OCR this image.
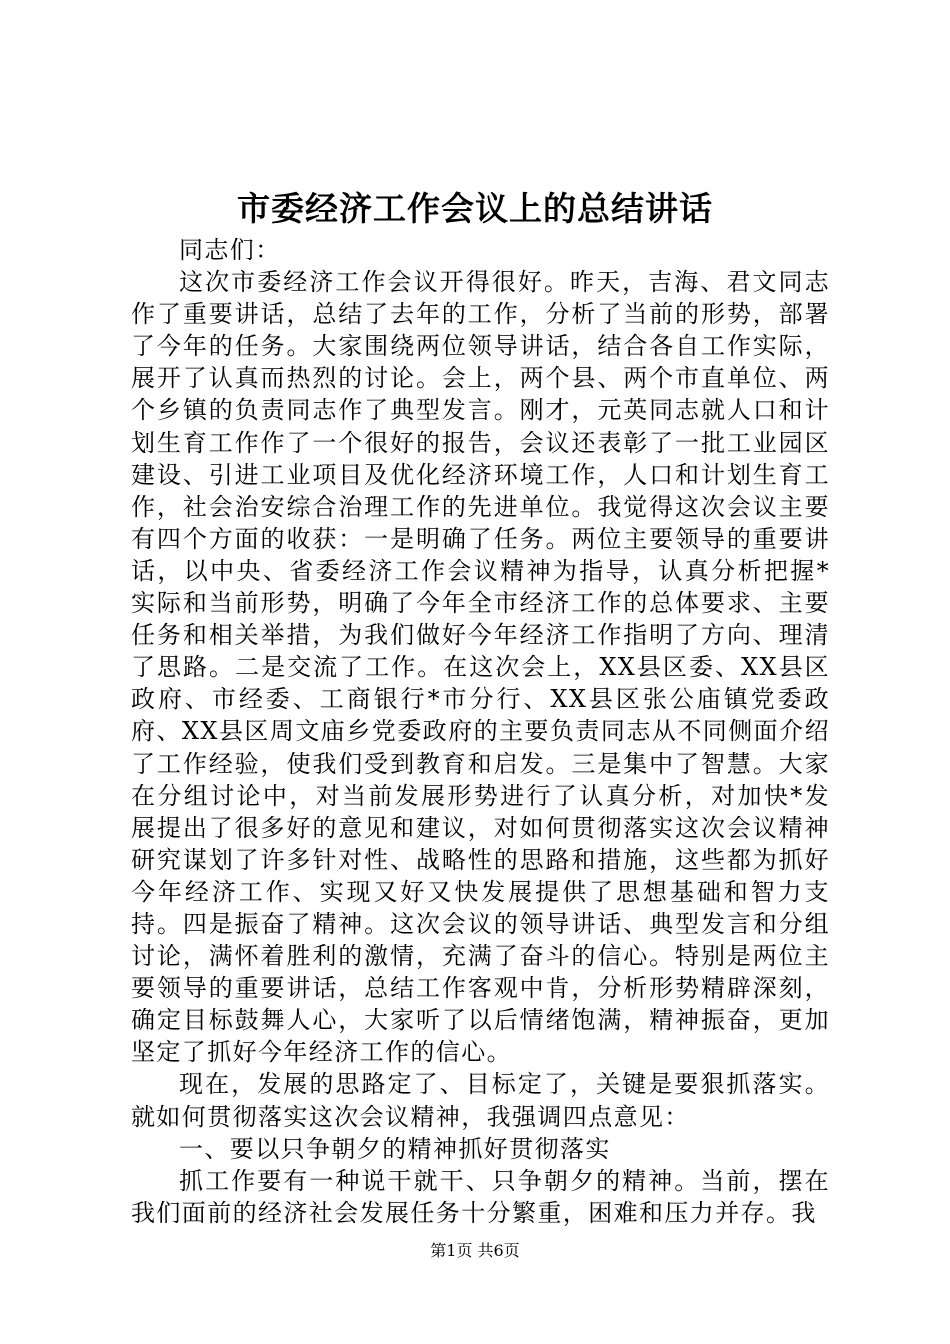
市委经济工作会议上的总结讲话

同志们：

这次市委经济工作会议开得很好。昨天，吉海、君文同志作了重要讲话，总结了去年的工作，分析了当前的形势，部署了今年的任务。大家围绕两位领导讲话，结合各自工作实际，展开了认真而热烈的讨论。会上，两个县、两个市直单位、两个乡镇的负责同志作了典型发言。刚才，元英同志就人口和计划生育工作作了一个很好的报告，会议还表彰了一批工业园区建设、引进工业项目及优化经济环境工作，人口和计划生育工作，社会治安综合治理工作的先进单位。我觉得这次会议主要有四个方面的收获：一是明确了任务。两位主要领导的重要讲话，以中央、省委经济工作会议精神为指导，认真分析把握*实际和当前形势，明确了今年全市经济工作的总体要求、主要任务和相关举措，为我们做好今年经济工作指明了方向、理清了思路。二是交流了工作。在这次会上，XX县区委、XX县区政府、市经委、工商银行*市分行、XX县区张公庙镇党委政府、XX县区周文庙乡党委政府的主要负责同志从不同侧面介绍了工作经验，使我们受到教育和启发。三是集中了智慧。大家在分组讨论中，对当前发展形势进行了认真分析，对加快*发展提出了很多好的意见和建议，对如何贯彻落实这次会议精神研究谋划了许多针对性、战略性的思路和措施，这些都为抓好今年经济工作、实现又好又快发展提供了思想基础和智力支持。四是振奋了精神。这次会议的领导讲话、典型发言和分组讨论，满怀着胜利的激情，充满了奋斗的信心。特别是两位主要领导的重要讲话，总结工作客观中肯，分析形势精辟深刻，确定目标鼓舞人心，大家听了以后情绪饱满，精神振奋，更加坚定了抓好今年经济工作的信心。

现在，发展的思路定了、目标定了，关键是要狠抓落实。就如何贯彻落实这次会议精神，我强调四点意见：

一、要以只争朝夕的精神抓好贯彻落实

抓工作要有一种说干就干、只争朝夕的精神。当前，摆在我们面前的经济社会发展任务十分繁重，困难和压力并存。我

第1页 共6页
